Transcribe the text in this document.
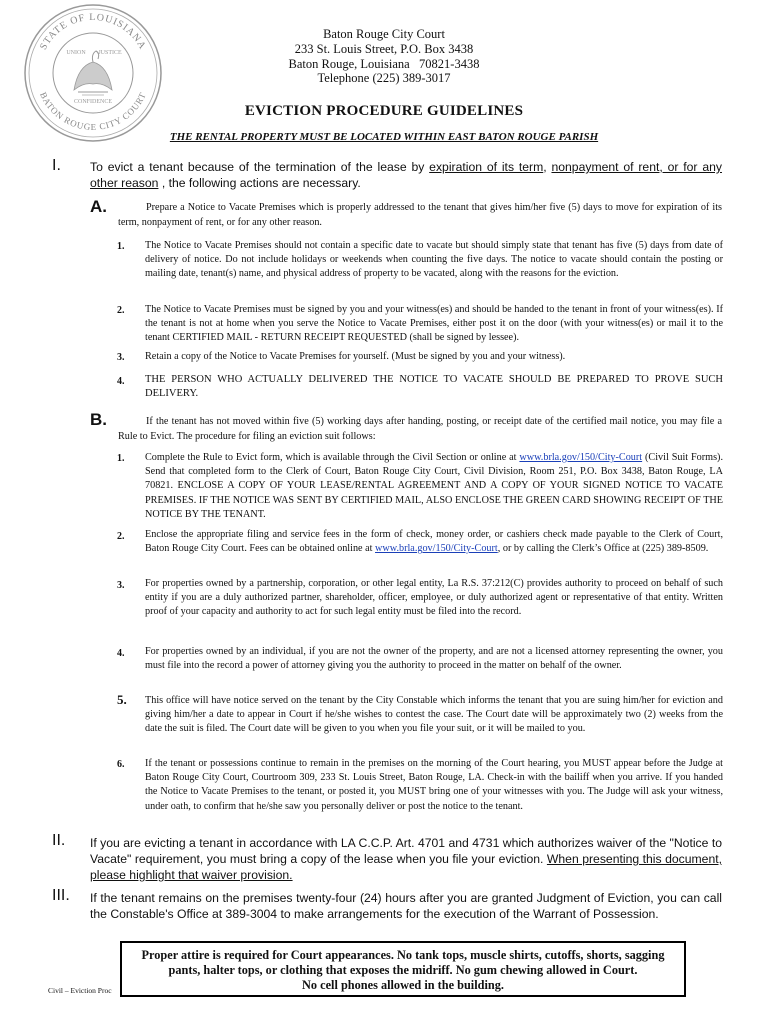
STATE OF LOUISIANA
BATON ROUGE CITY COURT
UNION JUSTICE
CONFIDENCE
Baton Rouge City Court
233 St. Louis Street, P.O. Box 3438
Baton Rouge, Louisiana   70821-3438
Telephone (225) 389-3017
EVICTION PROCEDURE GUIDELINES
THE RENTAL PROPERTY MUST BE LOCATED WITHIN EAST BATON ROUGE PARISH
I. To evict a tenant because of the termination of the lease by expiration of its term, nonpayment of rent, or for any other reason , the following actions are necessary.
A.	Prepare a Notice to Vacate Premises which is properly addressed to the tenant that gives him/her five (5) days to move for expiration of its term, nonpayment of rent, or for any other reason.
1. The Notice to Vacate Premises should not contain a specific date to vacate but should simply state that tenant has five (5) days from date of delivery of notice. Do not include holidays or weekends when counting the five days. The notice to vacate should contain the posting or mailing date, tenant(s) name, and physical address of property to be vacated, along with the reasons for the eviction.
2. The Notice to Vacate Premises must be signed by you and your witness(es) and should be handed to the tenant in front of your witness(es). If the tenant is not at home when you serve the Notice to Vacate Premises, either post it on the door (with your witness(es) or mail it to the tenant CERTIFIED MAIL - RETURN RECEIPT REQUESTED (shall be signed by lessee).
3. Retain a copy of the Notice to Vacate Premises for yourself. (Must be signed by you and your witness).
4. THE PERSON WHO ACTUALLY DELIVERED THE NOTICE TO VACATE SHOULD BE PREPARED TO PROVE SUCH DELIVERY.
B.	If the tenant has not moved within five (5) working days after handing, posting, or receipt date of the certified mail notice, you may file a Rule to Evict. The procedure for filing an eviction suit follows:
1. Complete the Rule to Evict form, which is available through the Civil Section or online at www.brla.gov/150/City-Court (Civil Suit Forms). Send that completed form to the Clerk of Court, Baton Rouge City Court, Civil Division, Room 251, P.O. Box 3438, Baton Rouge, LA 70821. ENCLOSE A COPY OF YOUR LEASE/RENTAL AGREEMENT AND A COPY OF YOUR SIGNED NOTICE TO VACATE PREMISES. IF THE NOTICE WAS SENT BY CERTIFIED MAIL, ALSO ENCLOSE THE GREEN CARD SHOWING RECEIPT OF THE NOTICE BY THE TENANT.
2. Enclose the appropriate filing and service fees in the form of check, money order, or cashiers check made payable to the Clerk of Court, Baton Rouge City Court. Fees can be obtained online at www.brla.gov/150/City-Court, or by calling the Clerk’s Office at (225) 389-8509.
3. For properties owned by a partnership, corporation, or other legal entity, La R.S. 37:212(C) provides authority to proceed on behalf of such entity if you are a duly authorized partner, shareholder, officer, employee, or duly authorized agent or representative of that entity. Written proof of your capacity and authority to act for such legal entity must be filed into the record.
4. For properties owned by an individual, if you are not the owner of the property, and are not a licensed attorney representing the owner, you must file into the record a power of attorney giving you the authority to proceed in the matter on behalf of the owner.
5. This office will have notice served on the tenant by the City Constable which informs the tenant that you are suing him/her for eviction and giving him/her a date to appear in Court if he/she wishes to contest the case. The Court date will be approximately two (2) weeks from the date the suit is filed. The Court date will be given to you when you file your suit, or it will be mailed to you.
6. If the tenant or possessions continue to remain in the premises on the morning of the Court hearing, you MUST appear before the Judge at Baton Rouge City Court, Courtroom 309, 233 St. Louis Street, Baton Rouge, LA. Check-in with the bailiff when you arrive. If you handed the Notice to Vacate Premises to the tenant, or posted it, you MUST bring one of your witnesses with you. The Judge will ask your witness, under oath, to confirm that he/she saw you personally deliver or post the notice to the tenant.
II. If you are evicting a tenant in accordance with LA C.C.P. Art. 4701 and 4731 which authorizes waiver of the "Notice to Vacate" requirement, you must bring a copy of the lease when you file your eviction. When presenting this document, please highlight that waiver provision.
III. If the tenant remains on the premises twenty-four (24) hours after you are granted Judgment of Eviction, you can call the Constable's Office at 389-3004 to make arrangements for the execution of the Warrant of Possession.
Proper attire is required for Court appearances. No tank tops, muscle shirts, cutoffs, shorts, sagging
pants, halter tops, or clothing that exposes the midriff. No gum chewing allowed in Court.
No cell phones allowed in the building.
Civil – Eviction Proc
